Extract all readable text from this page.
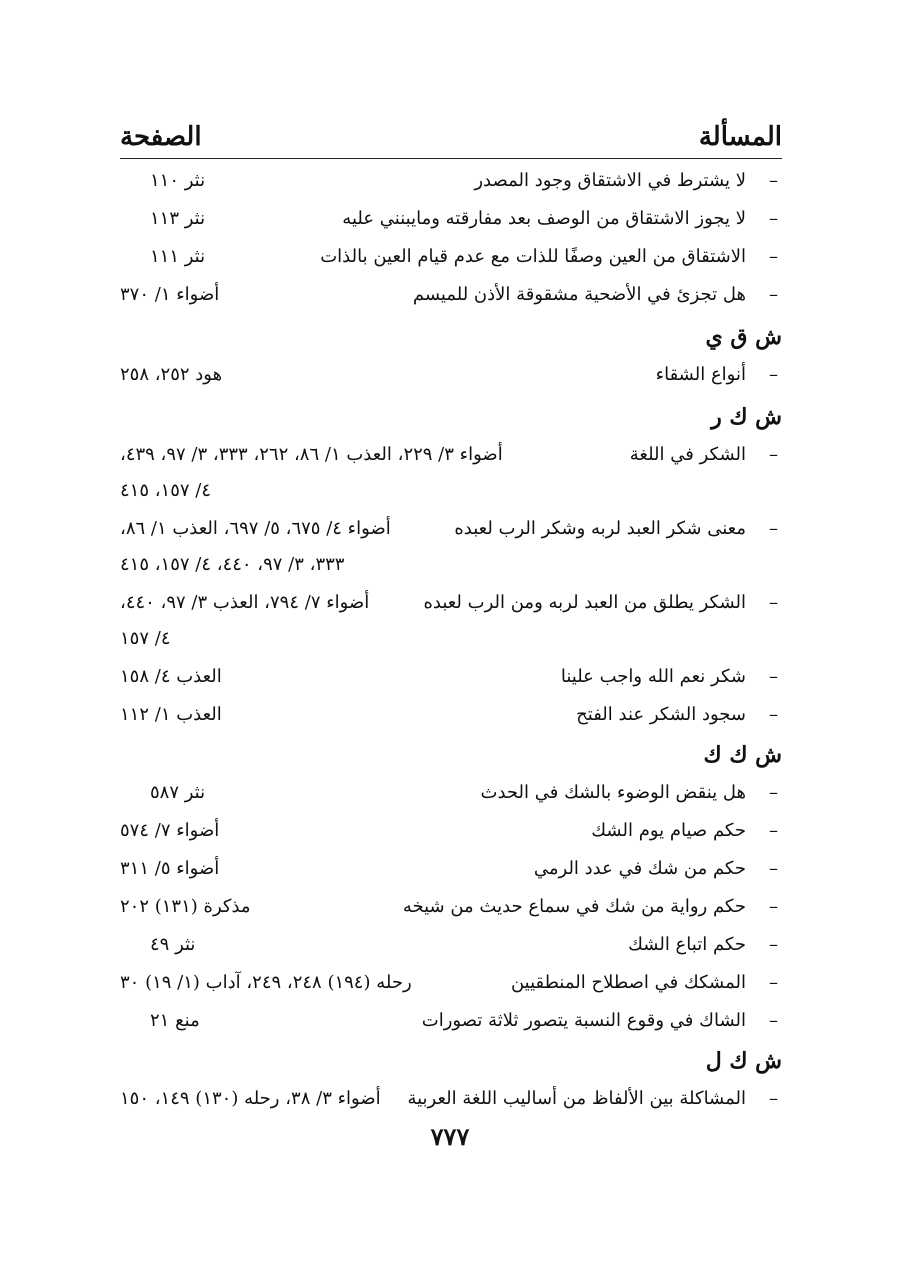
المسألة
الصفحة
–
لا يشترط في الاشتقاق وجود المصدر
نثر ١١٠
–
لا يجوز الاشتقاق من الوصف بعد مفارقته ومايبنني عليه
نثر ١١٣
–
الاشتقاق من العين وصفًا للذات مع عدم قيام العين بالذات
نثر ١١١
–
هل تجزئ في الأضحية مشقوقة الأذن للميسم
أضواء ١/ ٣٧٠
ش ق ي
–
أنواع الشقاء
هود ٢٥٢، ٢٥٨
ش ك ر
–
الشكر في اللغة
أضواء ٣/ ٢٢٩، العذب ١/ ٨٦، ٢٦٢، ٣٣٣، ٣/ ٩٧، ٤٣٩،
٤/ ١٥٧، ٤١٥
–
معنى شكر العبد لربه وشكر الرب لعبده
أضواء ٤/ ٦٧٥، ٥/ ٦٩٧، العذب ١/ ٨٦،
٣٣٣، ٣/ ٩٧، ٤٤٠، ٤/ ١٥٧، ٤١٥
–
الشكر يطلق من العبد لربه ومن الرب لعبده
أضواء ٧/ ٧٩٤، العذب ٣/ ٩٧، ٤٤٠،
٤/ ١٥٧
–
شكر نعم الله واجب علينا
العذب ٤/ ١٥٨
–
سجود الشكر عند الفتح
العذب ١/ ١١٢
ش ك ك
–
هل ينقض الوضوء بالشك في الحدث
نثر ٥٨٧
–
حكم صيام يوم الشك
أضواء ٧/ ٥٧٤
–
حكم من شك في عدد الرمي
أضواء ٥/ ٣١١
–
حكم رواية من شك في سماع حديث من شيخه
مذكرة (١٣١) ٢٠٢
–
حكم اتباع الشك
نثر ٤٩
–
المشكك في اصطلاح المنطقيين
رحله (١٩٤) ٢٤٨، ٢٤٩، آداب (١/ ١٩) ٣٠
–
الشاك في وقوع النسبة يتصور ثلاثة تصورات
منع ٢١
ش ك ل
–
المشاكلة بين الألفاظ من أساليب اللغة العربية
أضواء ٣/ ٣٨، رحله (١٣٠) ١٤٩، ١٥٠
٧٧٧
